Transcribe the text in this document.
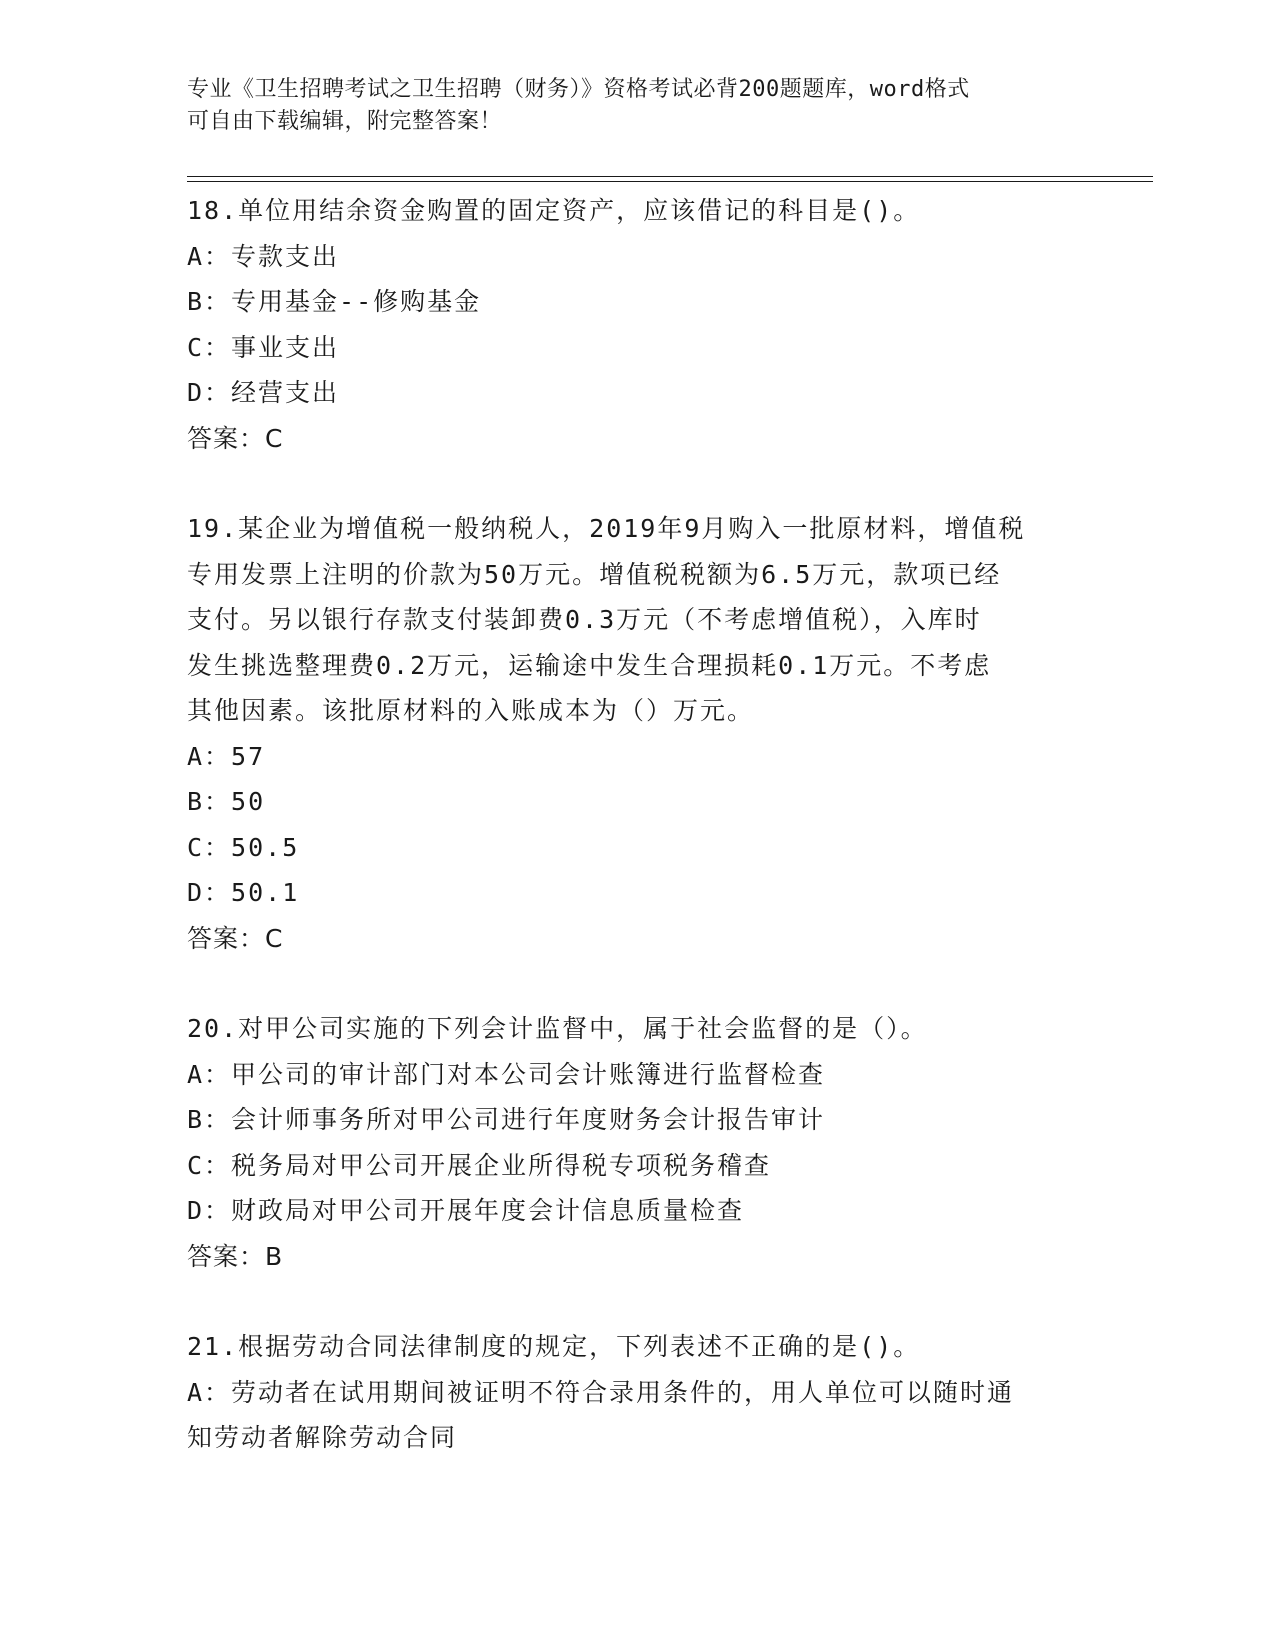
专业《卫生招聘考试之卫生招聘（财务）》资格考试必背200题题库，word格式
可自由下载编辑，附完整答案！
18.单位用结余资金购置的固定资产，应该借记的科目是()。
A：专款支出
B：专用基金--修购基金
C：事业支出
D：经营支出
答案：C
19.某企业为增值税一般纳税人，2019年9月购入一批原材料，增值税
专用发票上注明的价款为50万元。增值税税额为6.5万元，款项已经
支付。另以银行存款支付装卸费0.3万元（不考虑增值税），入库时
发生挑选整理费0.2万元，运输途中发生合理损耗0.1万元。不考虑
其他因素。该批原材料的入账成本为（）万元。
A：57
B：50
C：50.5
D：50.1
答案：C
20.对甲公司实施的下列会计监督中，属于社会监督的是（）。
A：甲公司的审计部门对本公司会计账簿进行监督检查
B：会计师事务所对甲公司进行年度财务会计报告审计
C：税务局对甲公司开展企业所得税专项税务稽查
D：财政局对甲公司开展年度会计信息质量检查
答案：B
21.根据劳动合同法律制度的规定，下列表述不正确的是()。
A：劳动者在试用期间被证明不符合录用条件的，用人单位可以随时通
知劳动者解除劳动合同
